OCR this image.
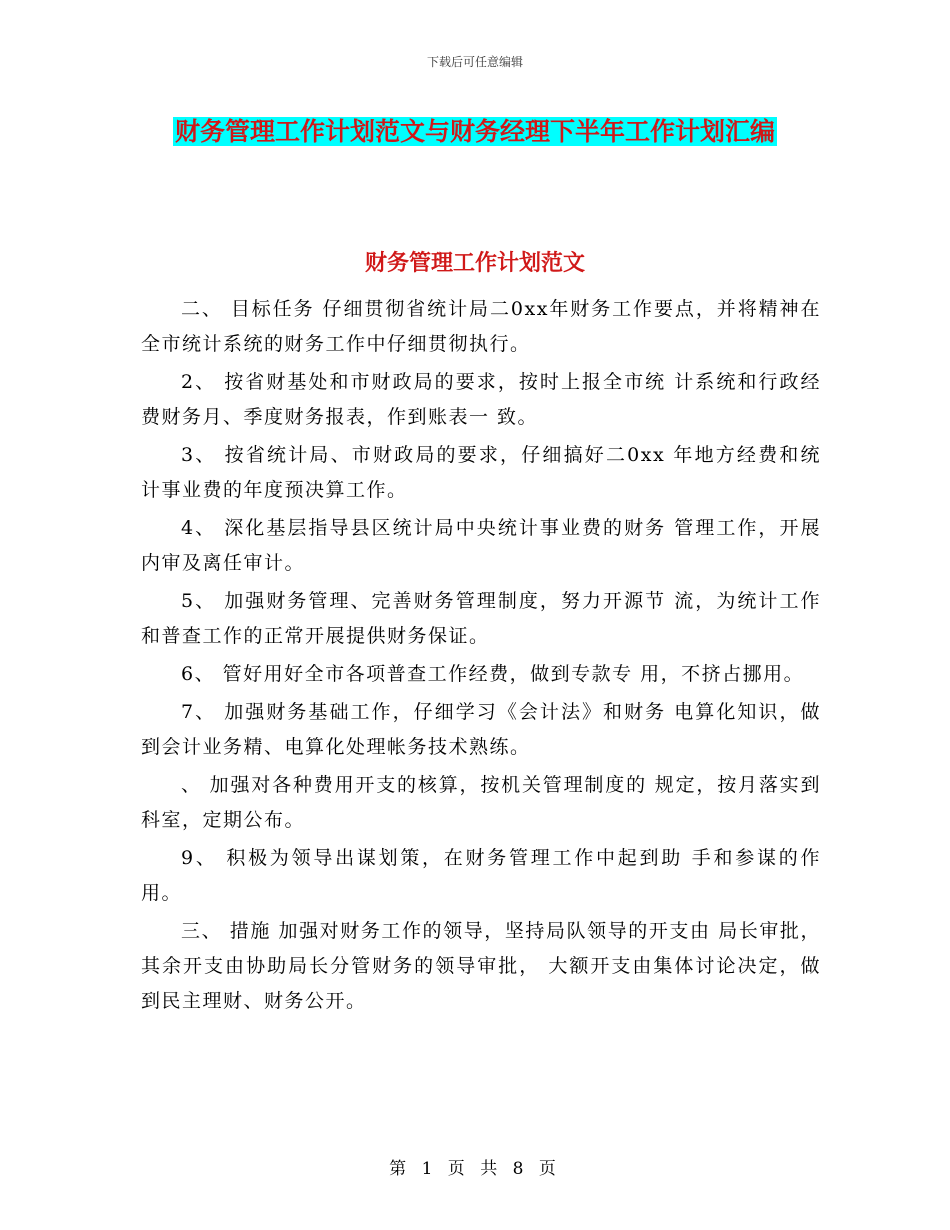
下载后可任意编辑
财务管理工作计划范文与财务经理下半年工作计划汇编
财务管理工作计划范文

二、 目标任务 仔细贯彻省统计局二0xx年财务工作要点，并将精神在全市统计系统的财务工作中仔细贯彻执行。

2、 按省财基处和市财政局的要求，按时上报全市统 计系统和行政经费财务月、季度财务报表，作到账表一 致。

3、 按省统计局、市财政局的要求，仔细搞好二0xx 年地方经费和统计事业费的年度预决算工作。

4、 深化基层指导县区统计局中央统计事业费的财务 管理工作，开展内审及离任审计。

5、 加强财务管理、完善财务管理制度，努力开源节 流，为统计工作和普查工作的正常开展提供财务保证。

6、 管好用好全市各项普查工作经费，做到专款专 用，不挤占挪用。

7、 加强财务基础工作，仔细学习《会计法》和财务 电算化知识，做到会计业务精、电算化处理帐务技术熟练。

、 加强对各种费用开支的核算，按机关管理制度的 规定，按月落实到科室，定期公布。

9、 积极为领导出谋划策，在财务管理工作中起到助 手和参谋的作用。

三、 措施 加强对财务工作的领导，坚持局队领导的开支由 局长审批，其余开支由协助局长分管财务的领导审批， 大额开支由集体讨论决定，做到民主理财、财务公开。

第 1 页 共 8 页
